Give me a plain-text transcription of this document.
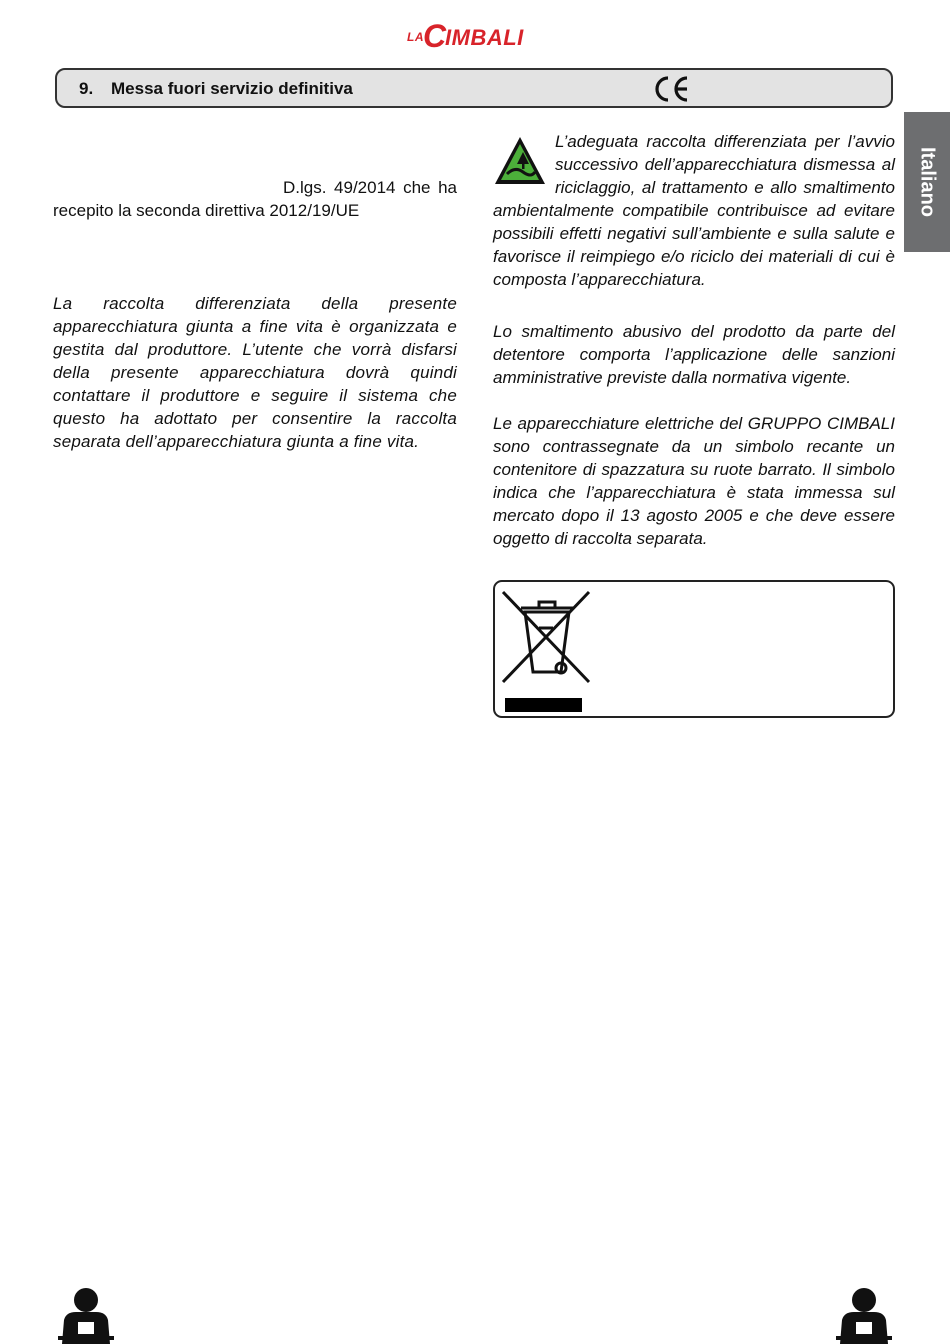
LA C
IMBALI
9. Messa fuori servizio definitiva
Italiano
D.lgs. 49/2014 che ha recepito la seconda direttiva 2012/19/UE
La raccolta differenziata della presente apparecchiatura giunta a fine vita è organizzata e gestita dal produttore. L’utente che vorrà disfarsi della presente apparecchiatura dovrà quindi contattare il produttore e seguire il sistema che questo ha adottato per consentire la raccolta separata dell’apparecchiatura giunta a fine vita.
L’adeguata raccolta differenziata per l’avvio successivo dell’apparecchiatura dismessa al riciclaggio, al trattamento e allo smaltimento ambientalmente compatibile contribuisce ad evitare possibili effetti negativi sull’ambiente e sulla salute e favorisce il reimpiego e/o riciclo dei materiali di cui è composta l’apparecchiatura.
Lo smaltimento abusivo del prodotto da parte del detentore comporta l’applicazione delle sanzioni amministrative previste dalla normativa vigente.
Le apparecchiature elettriche del GRUPPO CIMBALI sono contrassegnate da un simbolo recante un contenitore di spazzatura su ruote barrato. Il simbolo indica che l’apparecchiatura è stata immessa sul mercato dopo il 13 agosto 2005 e che deve essere oggetto di raccolta separata.
